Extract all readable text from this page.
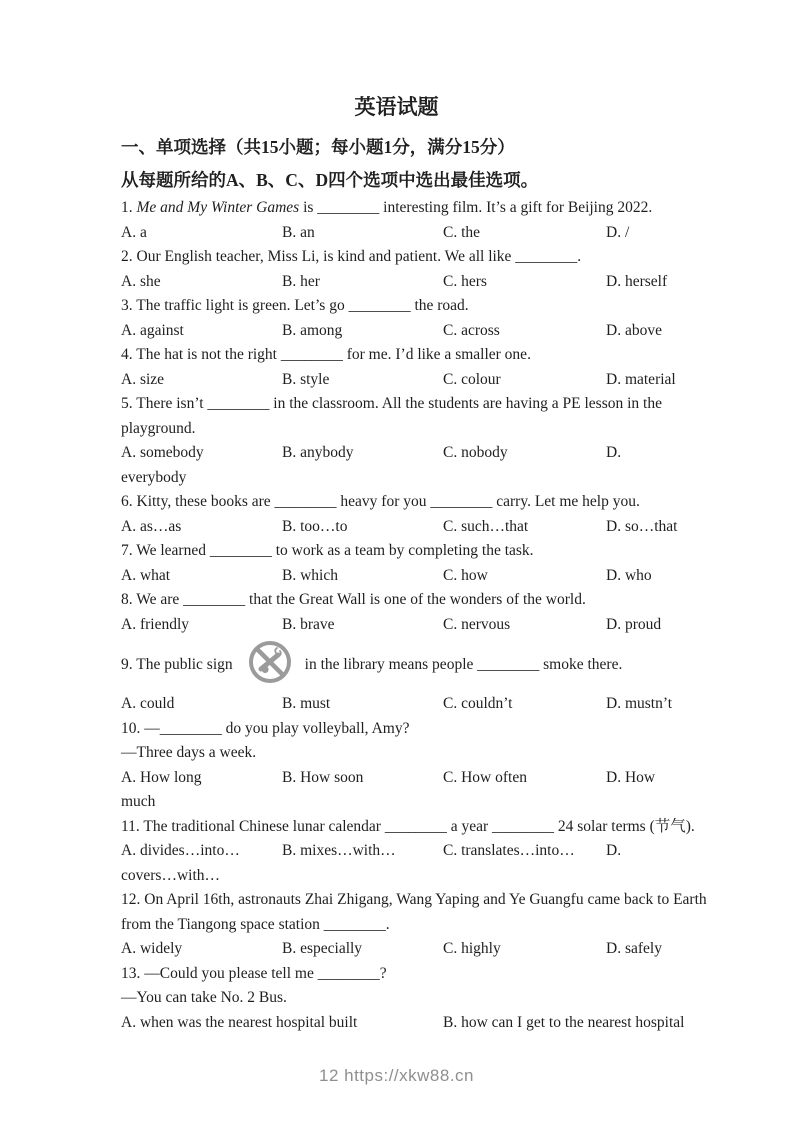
英语试题
一、单项选择（共15小题；每小题1分，满分15分）
从每题所给的A、B、C、D四个选项中选出最佳选项。
1. Me and My Winter Games is ________ interesting film. It’s a gift for Beijing 2022.
A. a	B. an	C. the	D. /
2. Our English teacher, Miss Li, is kind and patient. We all like ________.
A. she	B. her	C. hers	D. herself
3. The traffic light is green. Let’s go ________ the road.
A. against	B. among	C. across	D. above
4. The hat is not the right ________ for me. I’d like a smaller one.
A. size	B. style	C. colour	D. material
5. There isn’t ________ in the classroom. All the students are having a PE lesson in the
playground.
A. somebody	B. anybody	C. nobody	D.
everybody
6. Kitty, these books are ________ heavy for you ________ carry. Let me help you.
A. as…as	B. too…to	C. such…that	D. so…that
7. We learned ________ to work as a team by completing the task.
A. what	B. which	C. how	D. who
8. We are ________ that the Great Wall is one of the wonders of the world.
A. friendly	B. brave	C. nervous	D. proud
9. The public sign	in the library means people ________ smoke there.
A. could	B. must	C. couldn’t	D. mustn’t
10. —________ do you play volleyball, Amy?
—Three days a week.
A. How long	B. How soon	C. How often	D. How
much
11. The traditional Chinese lunar calendar ________ a year ________ 24 solar terms (节气).
A. divides…into…	B. mixes…with…	C. translates…into… D.
covers…with…
12. On April 16th, astronauts Zhai Zhigang, Wang Yaping and Ye Guangfu came back to Earth
from the Tiangong space station ________.
A. widely	B. especially	C. highly	D. safely
13. —Could you please tell me ________?
—You can take No. 2 Bus.
A. when was the nearest hospital built	B. how can I get to the nearest hospital
12 https://xkw88.cn
